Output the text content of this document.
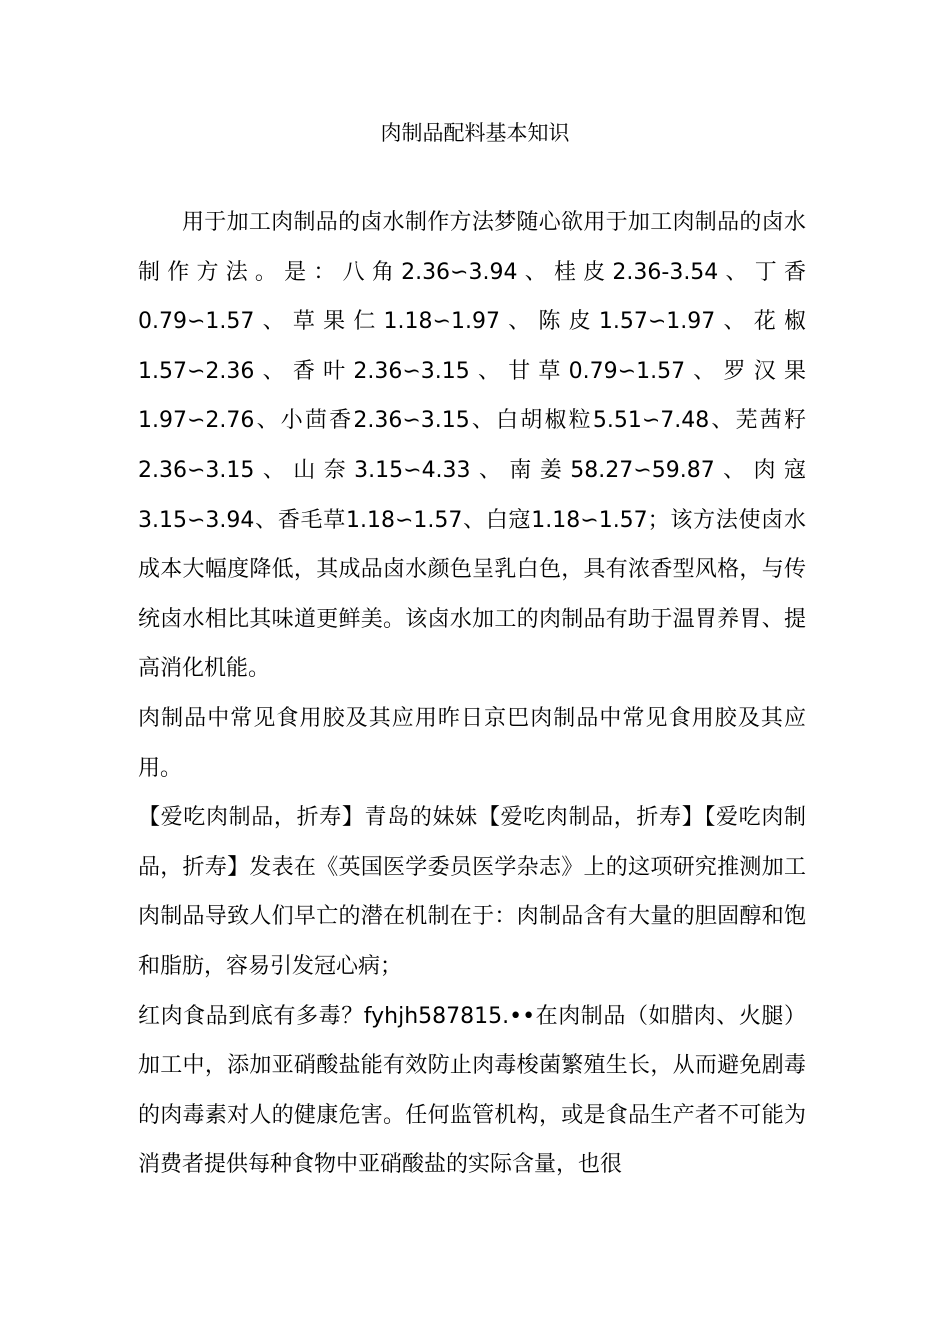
肉制品配料基本知识

用于加工肉制品的卤水制作方法梦随心欲用于加工肉制品的卤水制作方法。是：八角2.36∽3.94、桂皮2.36-3.54、丁香0.79∽1.57、草果仁1.18∽1.97、陈皮1.57∽1.97、花椒1.57∽2.36、香叶2.36∽3.15、甘草0.79∽1.57、罗汉果1.97∽2.76、小茴香2.36∽3.15、白胡椒粒5.51∽7.48、芜茜籽2.36∽3.15、山奈3.15∽4.33、南姜58.27∽59.87、肉寇3.15∽3.94、香毛草1.18∽1.57、白寇1.18∽1.57；该方法使卤水成本大幅度降低，其成品卤水颜色呈乳白色，具有浓香型风格，与传统卤水相比其味道更鲜美。该卤水加工的肉制品有助于温胃养胃、提高消化机能。

肉制品中常见食用胶及其应用昨日京巴肉制品中常见食用胶及其应用。

【爱吃肉制品，折寿】青岛的妹妹【爱吃肉制品，折寿】【爱吃肉制品，折寿】发表在《英国医学委员医学杂志》上的这项研究推测加工肉制品导致人们早亡的潜在机制在于：肉制品含有大量的胆固醇和饱和脂肪，容易引发冠心病；

红肉食品到底有多毒？fyhjh587815.••在肉制品（如腊肉、火腿）加工中，添加亚硝酸盐能有效防止肉毒梭菌繁殖生长，从而避免剧毒的肉毒素对人的健康危害。任何监管机构，或是食品生产者不可能为消费者提供每种食物中亚硝酸盐的实际含量，也很
